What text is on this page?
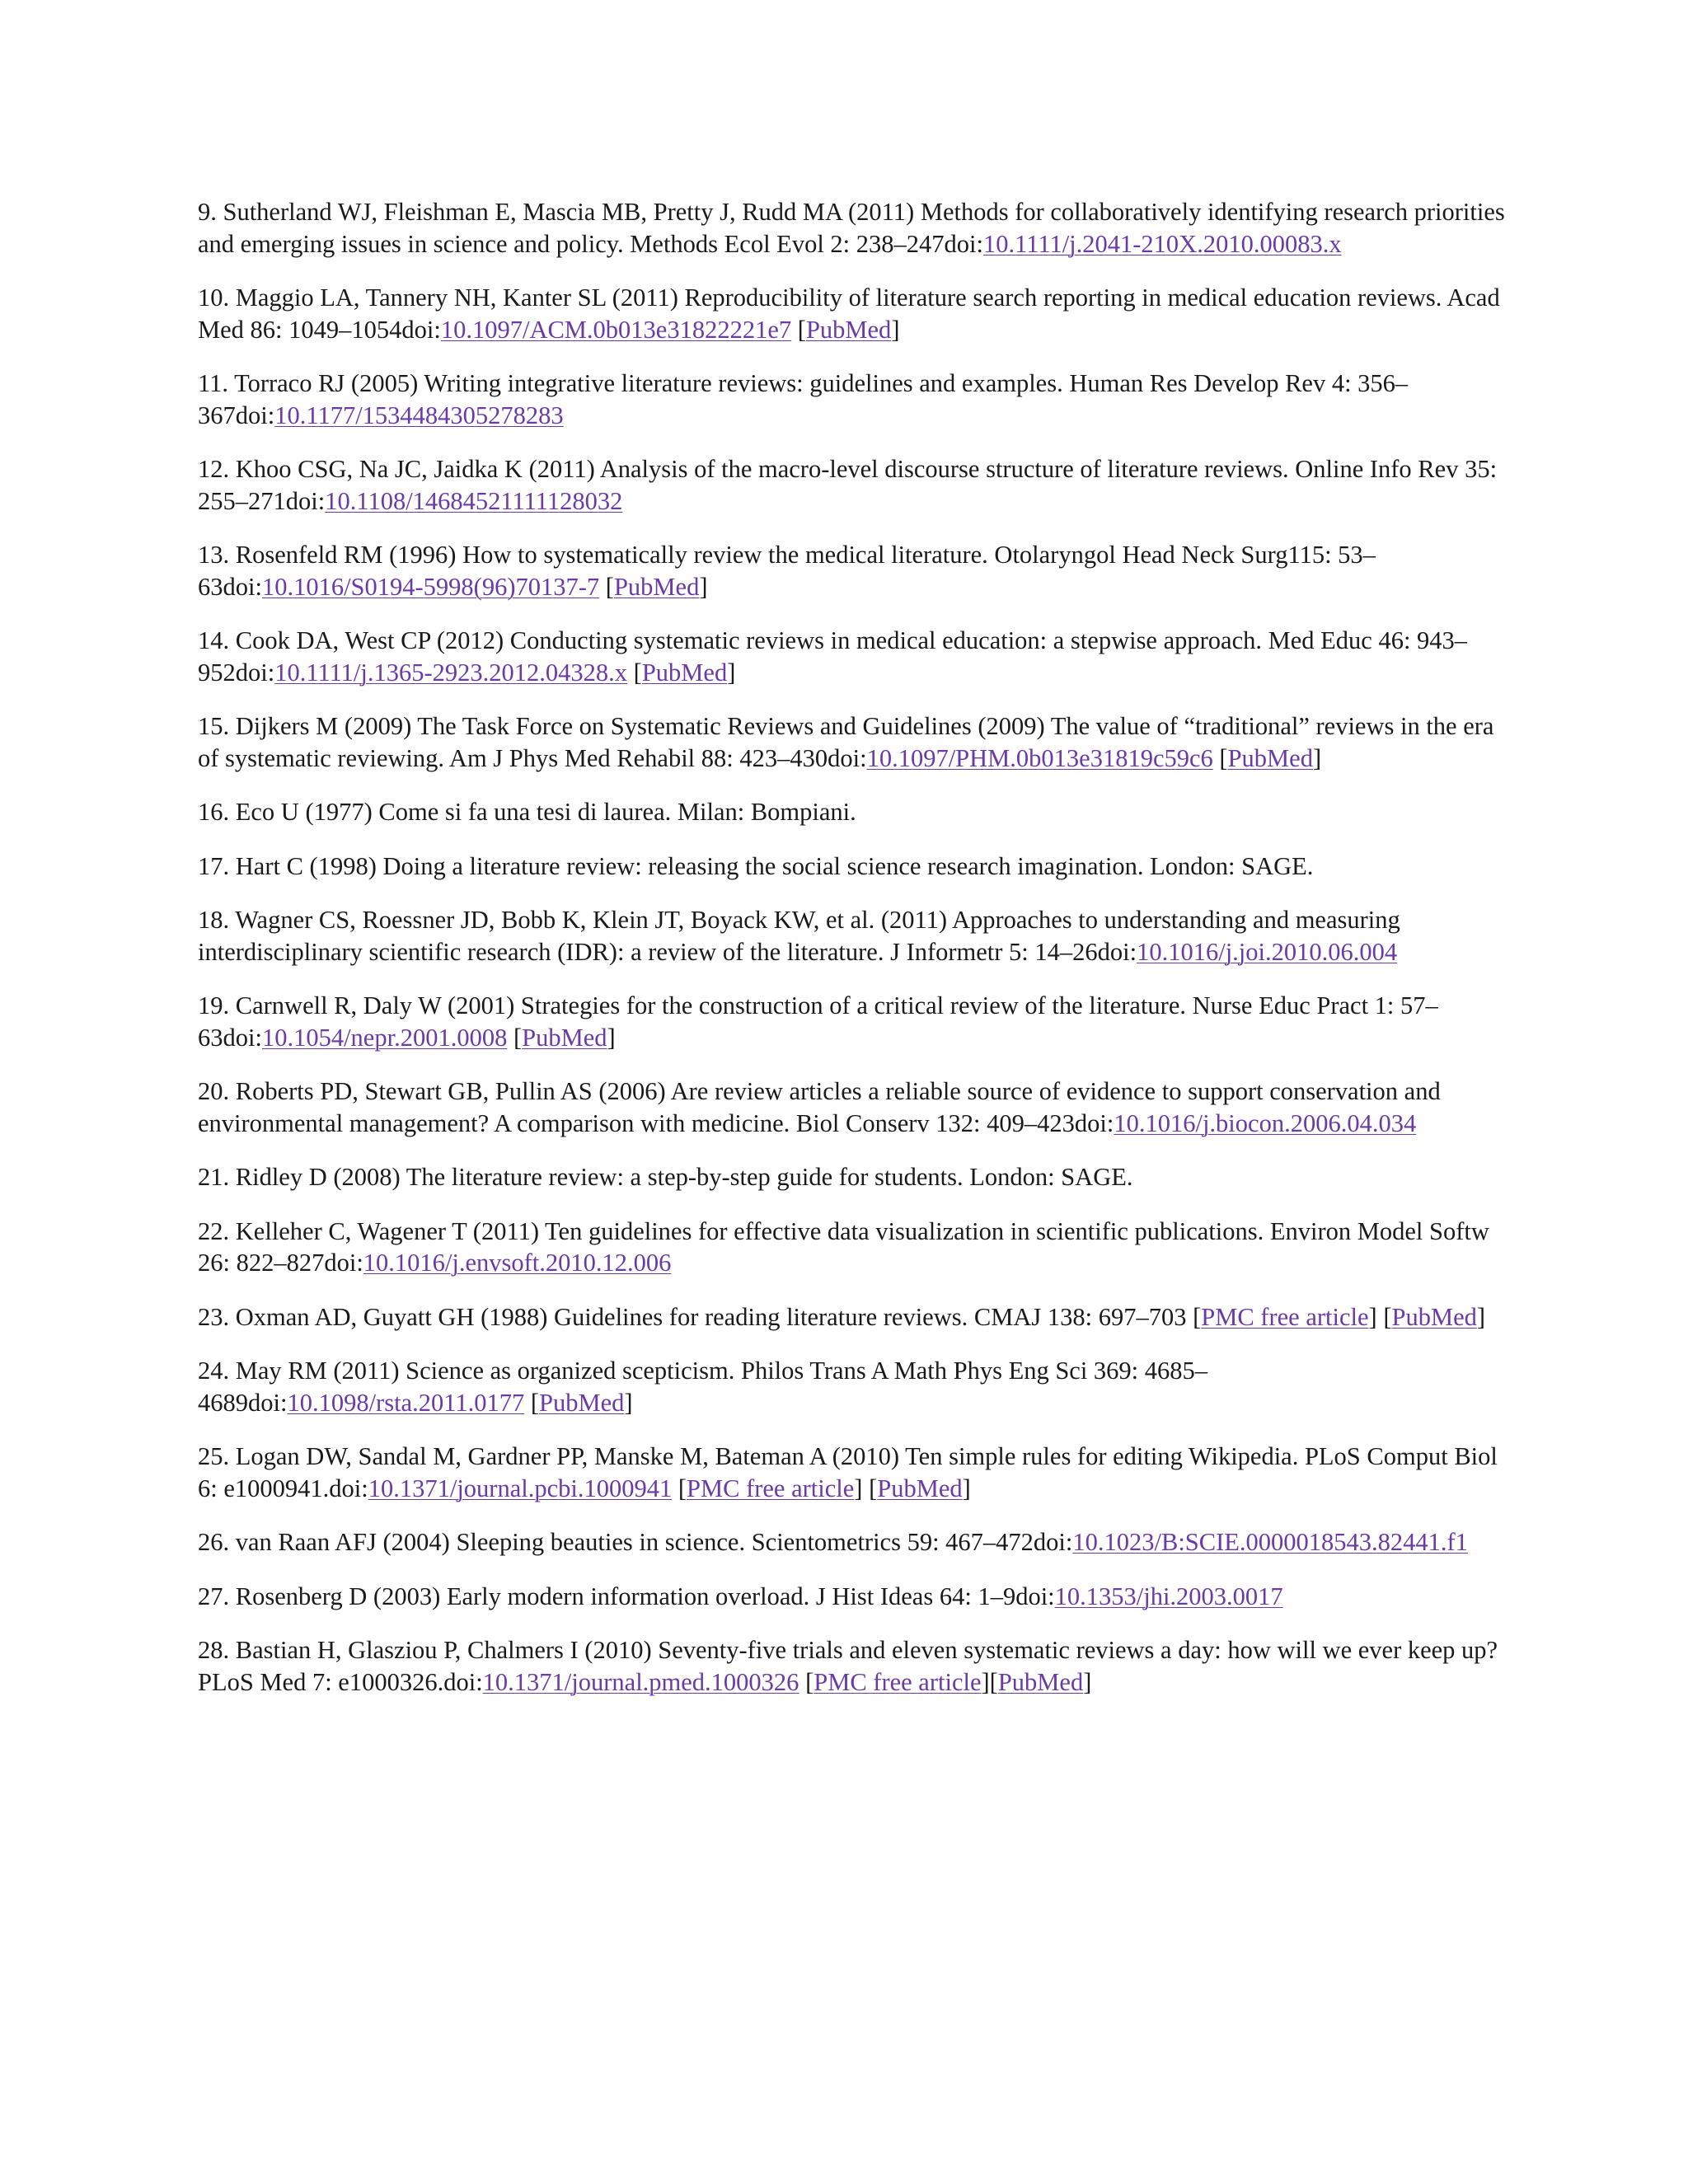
9. Sutherland WJ, Fleishman E, Mascia MB, Pretty J, Rudd MA (2011) Methods for collaboratively identifying research priorities and emerging issues in science and policy. Methods Ecol Evol 2: 238–247doi:10.1111/j.2041-210X.2010.00083.x

10. Maggio LA, Tannery NH, Kanter SL (2011) Reproducibility of literature search reporting in medical education reviews. Acad Med 86: 1049–1054doi:10.1097/ACM.0b013e31822221e7 [PubMed]

11. Torraco RJ (2005) Writing integrative literature reviews: guidelines and examples. Human Res Develop Rev 4: 356–367doi:10.1177/1534484305278283

12. Khoo CSG, Na JC, Jaidka K (2011) Analysis of the macro-level discourse structure of literature reviews. Online Info Rev 35: 255–271doi:10.1108/14684521111128032

13. Rosenfeld RM (1996) How to systematically review the medical literature. Otolaryngol Head Neck Surg115: 53–63doi:10.1016/S0194-5998(96)70137-7 [PubMed]

14. Cook DA, West CP (2012) Conducting systematic reviews in medical education: a stepwise approach. Med Educ 46: 943–952doi:10.1111/j.1365-2923.2012.04328.x [PubMed]

15. Dijkers M (2009) The Task Force on Systematic Reviews and Guidelines (2009) The value of “traditional” reviews in the era of systematic reviewing. Am J Phys Med Rehabil 88: 423–430doi:10.1097/PHM.0b013e31819c59c6 [PubMed]

16. Eco U (1977) Come si fa una tesi di laurea. Milan: Bompiani.

17. Hart C (1998) Doing a literature review: releasing the social science research imagination. London: SAGE.

18. Wagner CS, Roessner JD, Bobb K, Klein JT, Boyack KW, et al. (2011) Approaches to understanding and measuring interdisciplinary scientific research (IDR): a review of the literature. J Informetr 5: 14–26doi:10.1016/j.joi.2010.06.004

19. Carnwell R, Daly W (2001) Strategies for the construction of a critical review of the literature. Nurse Educ Pract 1: 57–63doi:10.1054/nepr.2001.0008 [PubMed]

20. Roberts PD, Stewart GB, Pullin AS (2006) Are review articles a reliable source of evidence to support conservation and environmental management? A comparison with medicine. Biol Conserv 132: 409–423doi:10.1016/j.biocon.2006.04.034

21. Ridley D (2008) The literature review: a step-by-step guide for students. London: SAGE.

22. Kelleher C, Wagener T (2011) Ten guidelines for effective data visualization in scientific publications. Environ Model Softw 26: 822–827doi:10.1016/j.envsoft.2010.12.006

23. Oxman AD, Guyatt GH (1988) Guidelines for reading literature reviews. CMAJ 138: 697–703 [PMC free article] [PubMed]

24. May RM (2011) Science as organized scepticism. Philos Trans A Math Phys Eng Sci 369: 4685–4689doi:10.1098/rsta.2011.0177 [PubMed]

25. Logan DW, Sandal M, Gardner PP, Manske M, Bateman A (2010) Ten simple rules for editing Wikipedia. PLoS Comput Biol 6: e1000941.doi:10.1371/journal.pcbi.1000941 [PMC free article] [PubMed]

26. van Raan AFJ (2004) Sleeping beauties in science. Scientometrics 59: 467–472doi:10.1023/B:SCIE.0000018543.82441.f1

27. Rosenberg D (2003) Early modern information overload. J Hist Ideas 64: 1–9doi:10.1353/jhi.2003.0017

28. Bastian H, Glasziou P, Chalmers I (2010) Seventy-five trials and eleven systematic reviews a day: how will we ever keep up? PLoS Med 7: e1000326.doi:10.1371/journal.pmed.1000326 [PMC free article][PubMed]
